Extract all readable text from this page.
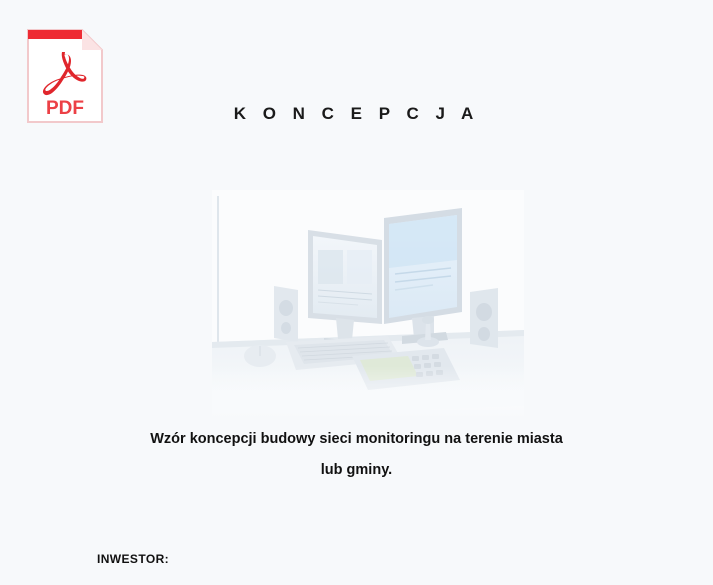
K O N C E P C J A
Wzór koncepcji budowy sieci monitoringu na terenie miasta
lub gminy.
INWESTOR:
PDF
